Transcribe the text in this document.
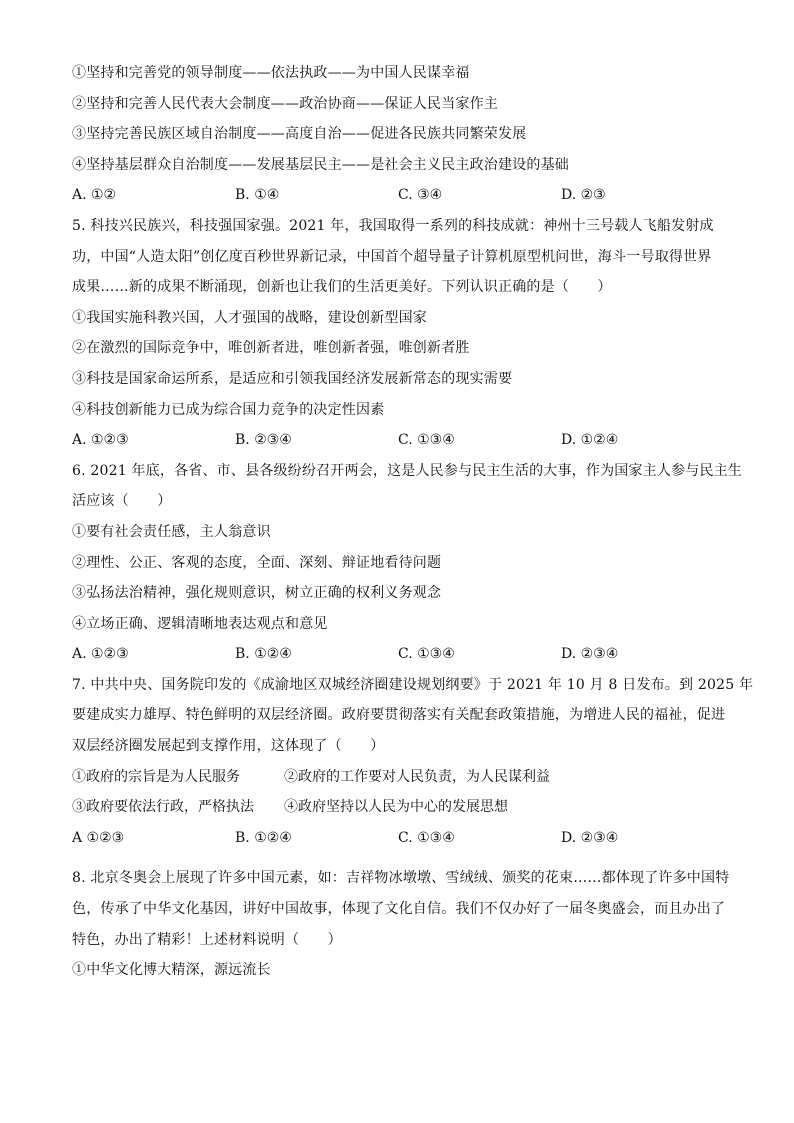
①坚持和完善党的领导制度——依法执政——为中国人民谋幸福
②坚持和完善人民代表大会制度——政治协商——保证人民当家作主
③坚持完善民族区域自治制度——高度自治——促进各民族共同繁荣发展
④坚持基层群众自治制度——发展基层民主——是社会主义民主政治建设的基础
A. ①②	B. ①④	C. ③④	D. ②③
5. 科技兴民族兴，科技强国家强。2021 年，我国取得一系列的科技成就：神州十三号载人飞船发射成
功，中国“人造太阳”创亿度百秒世界新记录，中国首个超导量子计算机原型机问世，海斗一号取得世界
成果……新的成果不断涌现，创新也让我们的生活更美好。下列认识正确的是（　　）
①我国实施科教兴国，人才强国的战略，建设创新型国家
②在激烈的国际竞争中，唯创新者进，唯创新者强，唯创新者胜
③科技是国家命运所系，是适应和引领我国经济发展新常态的现实需要
④科技创新能力已成为综合国力竞争的决定性因素
A. ①②③	B. ②③④	C. ①③④	D. ①②④
6. 2021 年底，各省、市、县各级纷纷召开两会，这是人民参与民主生活的大事，作为国家主人参与民主生
活应该（　　）
①要有社会责任感，主人翁意识
②理性、公正、客观的态度，全面、深刻、辩证地看待问题
③弘扬法治精神，强化规则意识，树立正确的权利义务观念
④立场正确、逻辑清晰地表达观点和意见
A. ①②③	B. ①②④	C. ①③④	D. ②③④
7. 中共中央、国务院印发的《成渝地区双城经济圈建设规划纲要》于 2021 年 10 月 8 日发布。到 2025 年
要建成实力雄厚、特色鲜明的双层经济圈。政府要贯彻落实有关配套政策措施，为增进人民的福祉，促进
双层经济圈发展起到支撑作用，这体现了（　　）
①政府的宗旨是为人民服务	②政府的工作要对人民负责，为人民谋利益
③政府要依法行政，严格执法	④政府坚持以人民为中心的发展思想
A ①②③	B. ①②④	C. ①③④	D. ②③④
8. 北京冬奥会上展现了许多中国元素，如：吉祥物冰墩墩、雪绒绒、颁奖的花束……都体现了许多中国特
色，传承了中华文化基因，讲好中国故事，体现了文化自信。我们不仅办好了一届冬奥盛会，而且办出了
特色，办出了精彩！上述材料说明（　　）
①中华文化博大精深，源远流长
